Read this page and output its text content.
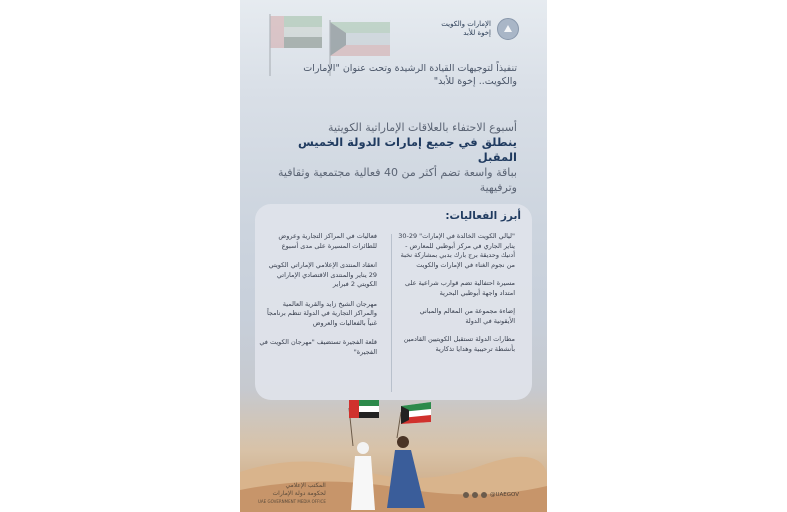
الإمارات والكويت
إخوة للأبد
تنفيذاً لتوجيهات القيادة الرشيدة وتحت عنوان "الإمارات والكويت.. إخوة للأبد"
أسبوع الاحتفاء بالعلاقات الإماراتية الكويتية
ينطلق في جميع إمارات الدولة الخميس المقبل
بباقة واسعة تضم أكثر من 40 فعالية مجتمعية وثقافية وترفيهية
أبرز الفعاليات:
"ليالي الكويت الخالدة في الإمارات" 29-30 يناير الجاري في مركز أبوظبي للمعارض - أدنيك وحديقة برج بارك بدبي بمشاركة نخبة من نجوم الغناء في الإمارات والكويت
مسيرة احتفالية تضم قوارب شراعية على امتداد واجهة أبوظبي البحرية
إضاءة مجموعة من المعالم والمباني الأيقونية في الدولة
مطارات الدولة تستقبل الكويتيين القادمين بأنشطة ترحيبية وهدايا تذكارية
فعاليات في المراكز التجارية وعروض للطائرات المسيرة على مدى أسبوع
انعقاد المنتدى الإعلامي الإماراتي الكويتي 29 يناير والمنتدى الاقتصادي الإماراتي الكويتي 2 فبراير
مهرجان الشيخ زايد والقرية العالمية والمراكز التجارية في الدولة تنظم برنامجاً غنياً بالفعاليات والعروض
قلعة الفجيرة تستضيف "مهرجان الكويت في الفجيرة"
المكتب الإعلامي
لحكومة دولة الإمارات
UAE GOVERNMENT MEDIA OFFICE
@UAEGOV
